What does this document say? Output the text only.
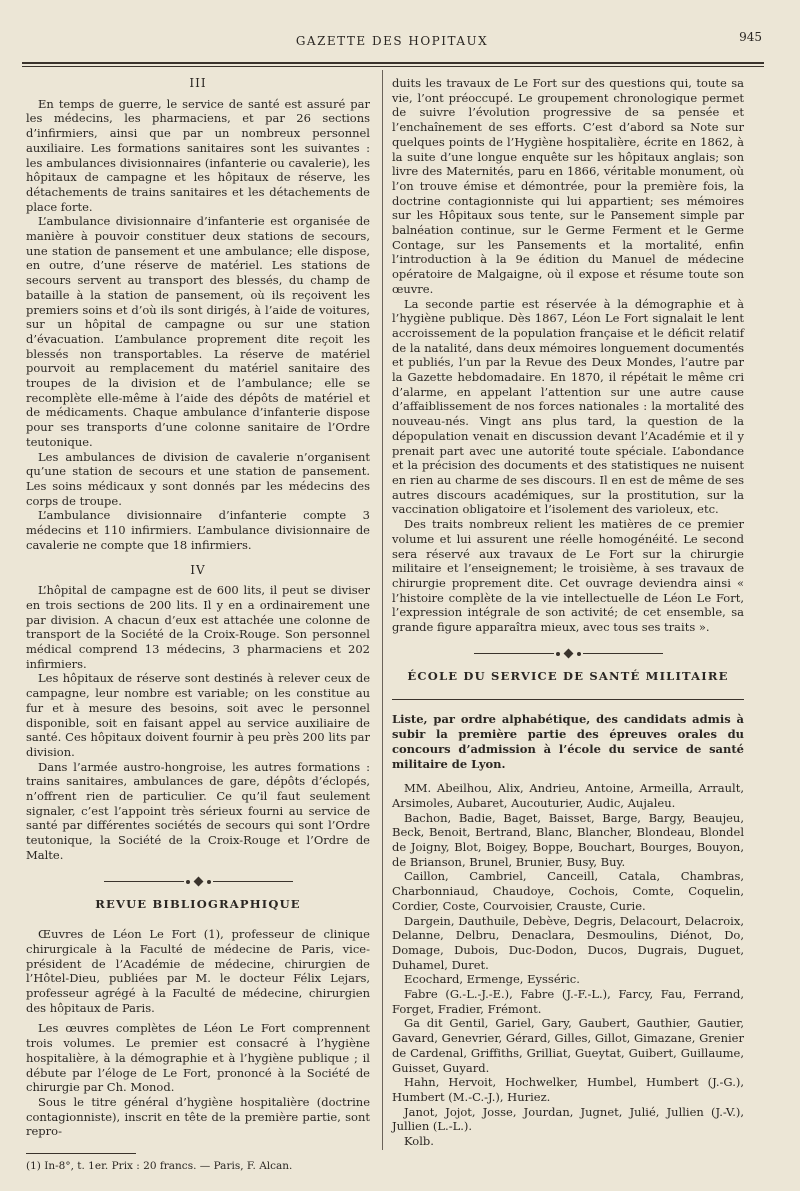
GAZETTE DES HOPITAUX	945
III

En temps de guerre, le service de santé est assuré par les médecins, les pharmaciens, et par 26 sections d’infirmiers, ainsi que par un nombreux personnel auxiliaire. Les formations sanitaires sont les suivantes : les ambulances divisionnaires (infanterie ou cavalerie), les hôpitaux de campagne et les hôpitaux de réserve, les détachements de trains sanitaires et les détachements de place forte.

L’ambulance divisionnaire d’infanterie est organisée de manière à pouvoir constituer deux stations de secours, une station de pansement et une ambulance; elle dispose, en outre, d’une réserve de matériel. Les stations de secours servent au transport des blessés, du champ de bataille à la station de pansement, où ils reçoivent les premiers soins et d’où ils sont dirigés, à l’aide de voitures, sur un hôpital de campagne ou sur une station d’évacuation. L’ambulance proprement dite reçoit les blessés non transportables. La réserve de matériel pourvoit au remplacement du matériel sanitaire des troupes de la division et de l’ambulance; elle se recomplète elle-même à l’aide des dépôts de matériel et de médicaments. Chaque ambulance d’infanterie dispose pour ses transports d’une colonne sanitaire de l’Ordre teutonique.

Les ambulances de division de cavalerie n’organisent qu’une station de secours et une station de pansement. Les soins médicaux y sont donnés par les médecins des corps de troupe.

L’ambulance divisionnaire d’infanterie compte 3 médecins et 110 infirmiers. L’ambulance divisionnaire de cavalerie ne compte que 18 infirmiers.

IV

L’hôpital de campagne est de 600 lits, il peut se diviser en trois sections de 200 lits. Il y en a ordinairement une par division. A chacun d’eux est attachée une colonne de transport de la Société de la Croix-Rouge. Son personnel médical comprend 13 médecins, 3 pharmaciens et 202 infirmiers.

Les hôpitaux de réserve sont destinés à relever ceux de campagne, leur nombre est variable; on les constitue au fur et à mesure des besoins, soit avec le personnel disponible, soit en faisant appel au service auxiliaire de santé. Ces hôpitaux doivent fournir à peu près 200 lits par division.

Dans l’armée austro-hongroise, les autres formations : trains sanitaires, ambulances de gare, dépôts d’éclopés, n’offrent rien de particulier. Ce qu’il faut seulement signaler, c’est l’appoint très sérieux fourni au service de santé par différentes sociétés de secours qui sont l’Ordre teutonique, la Société de la Croix-Rouge et l’Ordre de Malte.

REVUE BIBLIOGRAPHIQUE

Œuvres de Léon Le Fort (1), professeur de clinique chirurgicale à la Faculté de médecine de Paris, vice-président de l’Académie de médecine, chirurgien de l’Hôtel-Dieu, publiées par M. le docteur Félix Lejars, professeur agrégé à la Faculté de médecine, chirurgien des hôpitaux de Paris.

Les œuvres complètes de Léon Le Fort comprennent trois volumes. Le premier est consacré à l’hygiène hospitalière, à la démographie et à l’hygiène publique ; il débute par l’éloge de Le Fort, prononcé à la Société de chirurgie par Ch. Monod.

Sous le titre général d’hygiène hospitalière (doctrine contagionniste), inscrit en tête de la première partie, sont repro-

(1) In-8°, t. 1er. Prix : 20 francs. — Paris, F. Alcan.

duits les travaux de Le Fort sur des questions qui, toute sa vie, l’ont préoccupé. Le groupement chronologique permet de suivre l’évolution progressive de sa pensée et l’enchaînement de ses efforts. C’est d’abord sa Note sur quelques points de l’Hygiène hospitalière, écrite en 1862, à la suite d’une longue enquête sur les hôpitaux anglais; son livre des Maternités, paru en 1866, véritable monument, où l’on trouve émise et démontrée, pour la première fois, la doctrine contagionniste qui lui appartient; ses mémoires sur les Hôpitaux sous tente, sur le Pansement simple par balnéation continue, sur le Germe Ferment et le Germe Contage, sur les Pansements et la mortalité, enfin l’introduction à la 9e édition du Manuel de médecine opératoire de Malgaigne, où il expose et résume toute son œuvre.

La seconde partie est réservée à la démographie et à l’hygiène publique. Dès 1867, Léon Le Fort signalait le lent accroissement de la population française et le déficit relatif de la natalité, dans deux mémoires longuement documentés et publiés, l’un par la Revue des Deux Mondes, l’autre par la Gazette hebdomadaire. En 1870, il répétait le même cri d’alarme, en appelant l’attention sur une autre cause d’affaiblissement de nos forces nationales : la mortalité des nouveau-nés. Vingt ans plus tard, la question de la dépopulation venait en discussion devant l’Académie et il y prenait part avec une autorité toute spéciale. L’abondance et la précision des documents et des statistiques ne nuisent en rien au charme de ses discours. Il en est de même de ses autres discours académiques, sur la prostitution, sur la vaccination obligatoire et l’isolement des varioleux, etc.

Des traits nombreux relient les matières de ce premier volume et lui assurent une réelle homogénéité. Le second sera réservé aux travaux de Le Fort sur la chirurgie militaire et l’enseignement; le troisième, à ses travaux de chirurgie proprement dite. Cet ouvrage deviendra ainsi « l’histoire complète de la vie intellectuelle de Léon Le Fort, l’expression intégrale de son activité; de cet ensemble, sa grande figure apparaîtra mieux, avec tous ses traits ».

ÉCOLE DU SERVICE DE SANTÉ MILITAIRE

Liste, par ordre alphabétique, des candidats admis à subir la première partie des épreuves orales du concours d’admission à l’école du service de santé militaire de Lyon.

MM. Abeilhou, Alix, Andrieu, Antoine, Armeilla, Arrault, Arsimoles, Aubaret, Aucouturier, Audic, Aujaleu.

Bachon, Badie, Baget, Baisset, Barge, Bargy, Beaujeu, Beck, Benoit, Bertrand, Blanc, Blancher, Blondeau, Blondel de Joigny, Blot, Boigey, Boppe, Bouchart, Bourges, Bouyon, de Brianson, Brunel, Brunier, Busy, Buy.

Caillon, Cambriel, Canceill, Catala, Chambras, Charbonniaud, Chaudoye, Cochois, Comte, Coquelin, Cordier, Coste, Courvoisier, Crauste, Curie.

Dargein, Dauthuile, Debève, Degris, Delacourt, Delacroix, Delanne, Delbru, Denaclara, Desmoulins, Diénot, Do, Domage, Dubois, Duc-Dodon, Ducos, Dugrais, Duguet, Duhamel, Duret.

Ecochard, Ermenge, Eysséric.

Fabre (G.-L.-J.-E.), Fabre (J.-F.-L.), Farcy, Fau, Ferrand, Forget, Fradier, Frémont.

Ga dit Gentil, Gariel, Gary, Gaubert, Gauthier, Gautier, Gavard, Genevrier, Gérard, Gilles, Gillot, Gimazane, Grenier de Cardenal, Griffiths, Grilliat, Gueytat, Guibert, Guillaume, Guisset, Guyard.

Hahn, Hervoit, Hochwelker, Humbel, Humbert (J.-G.), Humbert (M.-C.-J.), Huriez.

Janot, Jojot, Josse, Jourdan, Jugnet, Julié, Jullien (J.-V.), Jullien (L.-L.).

Kolb.
